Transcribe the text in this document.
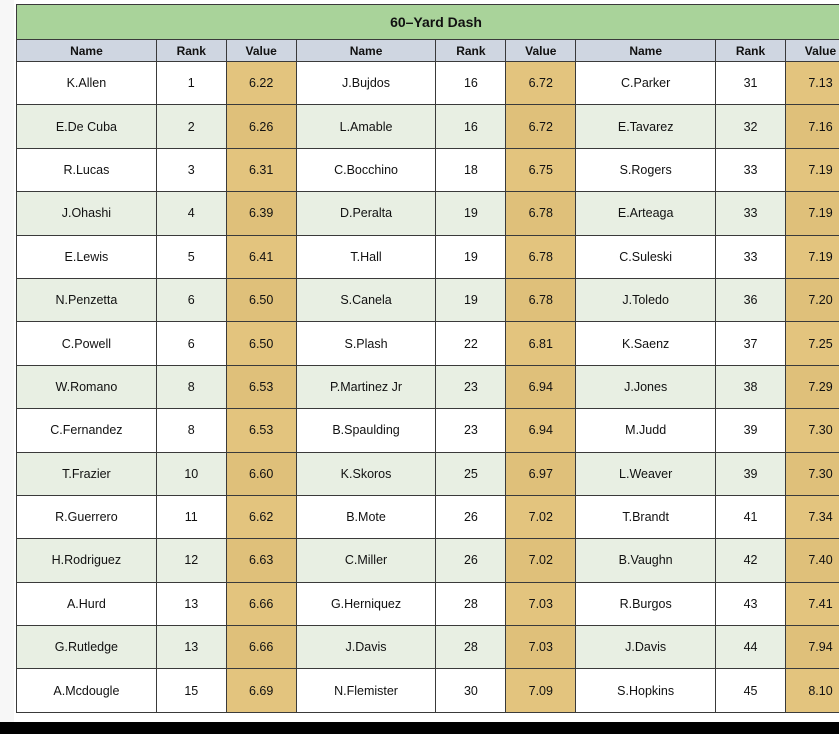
60–Yard Dash								
Name	Rank	Value	Name	Rank	Value	Name	Rank	Value
K.Allen	1	6.22	J.Bujdos	16	6.72	C.Parker	31	7.13
E.De Cuba	2	6.26	L.Amable	16	6.72	E.Tavarez	32	7.16
R.Lucas	3	6.31	C.Bocchino	18	6.75	S.Rogers	33	7.19
J.Ohashi	4	6.39	D.Peralta	19	6.78	E.Arteaga	33	7.19
E.Lewis	5	6.41	T.Hall	19	6.78	C.Suleski	33	7.19
N.Penzetta	6	6.50	S.Canela	19	6.78	J.Toledo	36	7.20
C.Powell	6	6.50	S.Plash	22	6.81	K.Saenz	37	7.25
W.Romano	8	6.53	P.Martinez Jr	23	6.94	J.Jones	38	7.29
C.Fernandez	8	6.53	B.Spaulding	23	6.94	M.Judd	39	7.30
T.Frazier	10	6.60	K.Skoros	25	6.97	L.Weaver	39	7.30
R.Guerrero	11	6.62	B.Mote	26	7.02	T.Brandt	41	7.34
H.Rodriguez	12	6.63	C.Miller	26	7.02	B.Vaughn	42	7.40
A.Hurd	13	6.66	G.Herniquez	28	7.03	R.Burgos	43	7.41
G.Rutledge	13	6.66	J.Davis	28	7.03	J.Davis	44	7.94
A.Mcdougle	15	6.69	N.Flemister	30	7.09	S.Hopkins	45	8.10
